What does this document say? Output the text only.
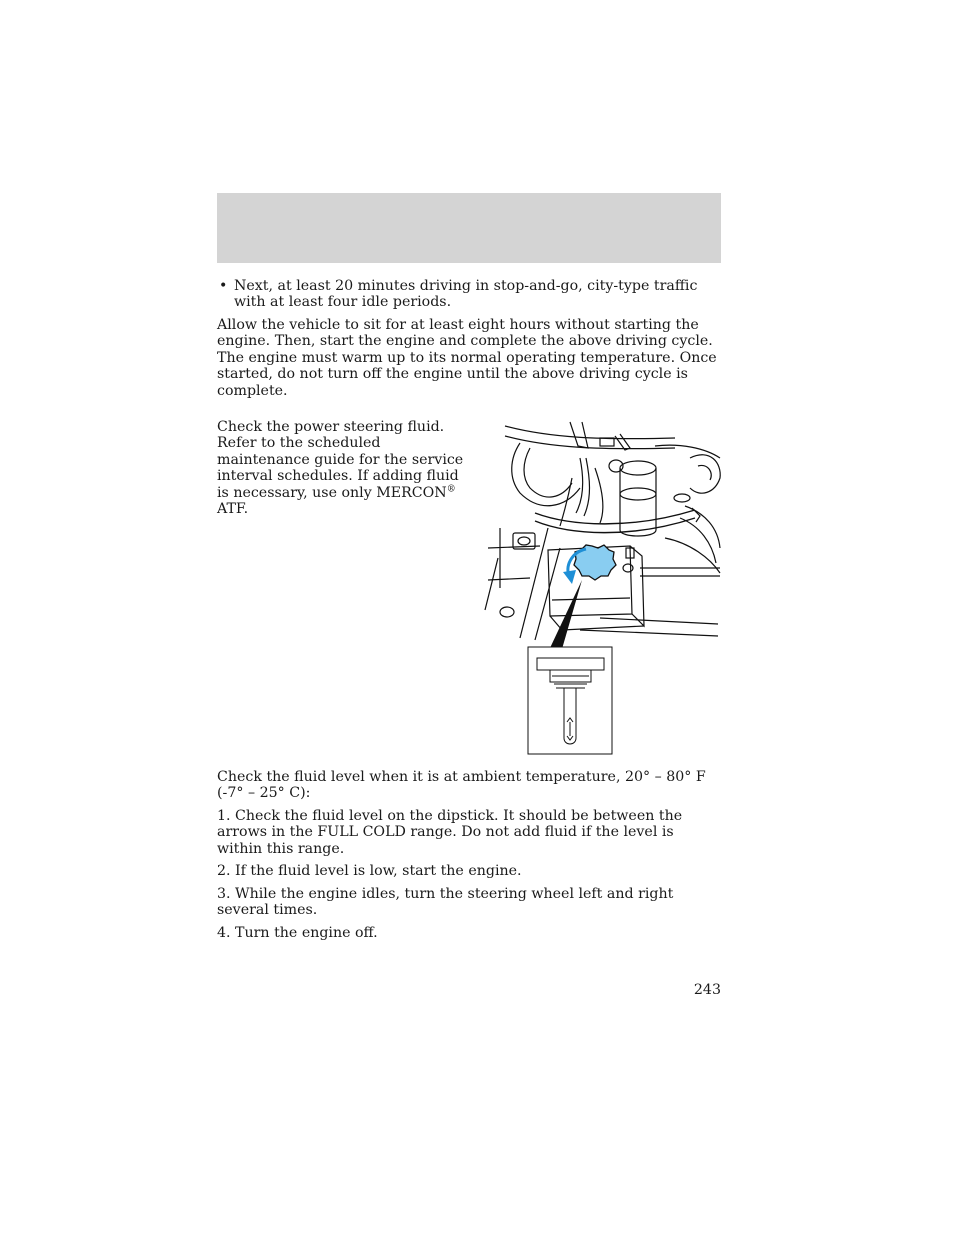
• Next, at least 20 minutes driving in stop-and-go, city-type traffic with at least four idle periods.

Allow the vehicle to sit for at least eight hours without starting the engine. Then, start the engine and complete the above driving cycle. The engine must warm up to its normal operating temperature. Once started, do not turn off the engine until the above driving cycle is complete.

Check the power steering fluid. Refer to the scheduled maintenance guide for the service interval schedules. If adding fluid is necessary, use only MERCON® ATF.

Check the fluid level when it is at ambient temperature, 20° – 80° F (-7° – 25° C):

1. Check the fluid level on the dipstick. It should be between the arrows in the FULL COLD range. Do not add fluid if the level is within this range.

2. If the fluid level is low, start the engine.

3. While the engine idles, turn the steering wheel left and right several times.

4. Turn the engine off.

243
